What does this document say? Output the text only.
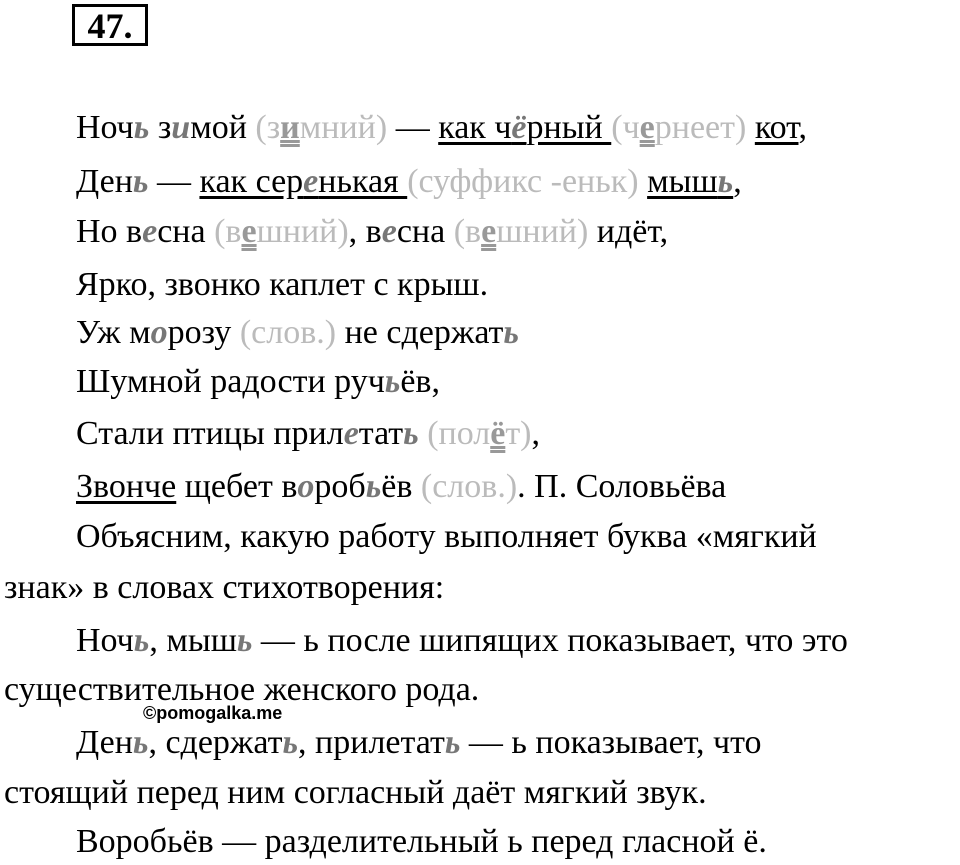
47.
Ночь зимой (зимний) — как чёрный (чернеет) кот,
День — как серенькая (суффикс -еньк) мышь,
Но весна (вешний), весна (вешний) идёт,
Ярко, звонко каплет с крыш.
Уж морозу (слов.) не сдержать
Шумной радости ручьёв,
Стали птицы прилетать (полёт),
Звонче щебет воробьёв (слов.). П. Соловьёва
Объясним, какую работу выполняет буква «мягкий
знак» в словах стихотворения:
Ночь, мышь — ь после шипящих показывает, что это
существительное женского рода.
©pomogalka.me
День, сдержать, прилетать — ь показывает, что
стоящий перед ним согласный даёт мягкий звук.
Воробьёв — разделительный ь перед гласной ё.
